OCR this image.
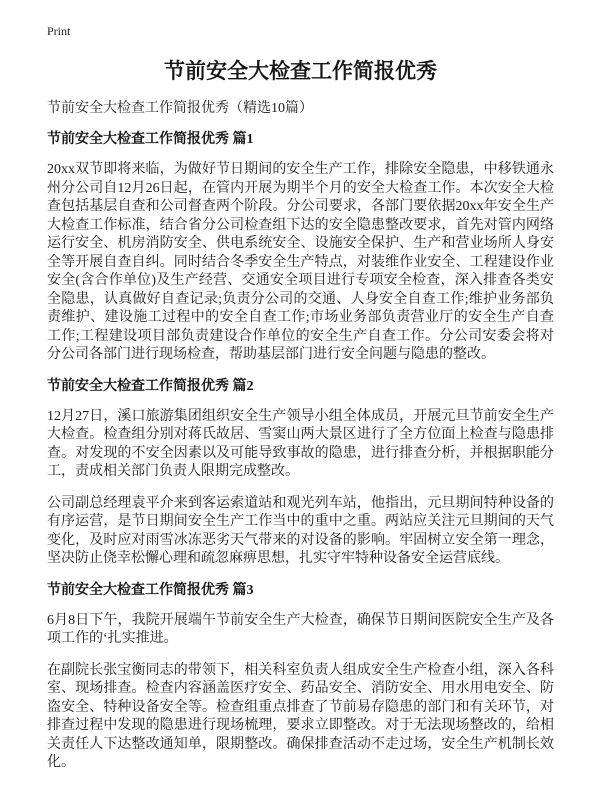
Print
节前安全大检查工作简报优秀

节前安全大检查工作简报优秀（精选10篇）

节前安全大检查工作简报优秀 篇1

20xx双节即将来临，为做好节日期间的安全生产工作，排除安全隐患，中移铁通永州分公司自12月26日起，在管内开展为期半个月的安全大检查工作。本次安全大检查包括基层自查和公司督查两个阶段。分公司要求，各部门要依据20xx年安全生产大检查工作标准，结合省分公司检查组下达的安全隐患整改要求，首先对管内网络运行安全、机房消防安全、供电系统安全、设施安全保护、生产和营业场所人身安全等开展自查自纠。同时结合冬季安全生产特点，对装维作业安全、工程建设作业安全(含合作单位)及生产经营、交通安全项目进行专项安全检查，深入排查各类安全隐患，认真做好自查记录;负责分公司的交通、人身安全自查工作;维护业务部负责维护、建设施工过程中的安全自查工作;市场业务部负责营业厅的安全生产自查工作;工程建设项目部负责建设合作单位的安全生产自查工作。分公司安委会将对分公司各部门进行现场检查，帮助基层部门进行安全问题与隐患的整改。

节前安全大检查工作简报优秀 篇2

12月27日，溪口旅游集团组织安全生产领导小组全体成员，开展元旦节前安全生产大检查。检查组分别对蒋氏故居、雪窦山两大景区进行了全方位面上检查与隐患排查。对发现的不安全因素以及可能导致事故的隐患，进行排查分析，并根据职能分工，责成相关部门负责人限期完成整改。

公司副总经理袁平介来到客运索道站和观光列车站，他指出，元旦期间特种设备的有序运营，是节日期间安全生产工作当中的重中之重。两站应关注元旦期间的天气变化，及时应对雨雪冰冻恶劣天气带来的对设备的影响。牢固树立安全第一理念，坚决防止侥幸松懈心理和疏忽麻痹思想，扎实守牢特种设备安全运营底线。

节前安全大检查工作简报优秀 篇3

6月8日下午，我院开展端午节前安全生产大检查，确保节日期间医院安全生产及各项工作的‘扎实推进。

在副院长张宝衡同志的带领下，相关科室负责人组成安全生产检查小组，深入各科室、现场排查。检查内容涵盖医疗安全、药品安全、消防安全、用水用电安全、防盗安全、特种设备安全等。检查组重点排查了节前易存隐患的部门和有关环节，对排查过程中发现的隐患进行现场梳理，要求立即整改。对于无法现场整改的，给相关责任人下达整改通知单，限期整改。确保排查活动不走过场，安全生产机制长效化。
